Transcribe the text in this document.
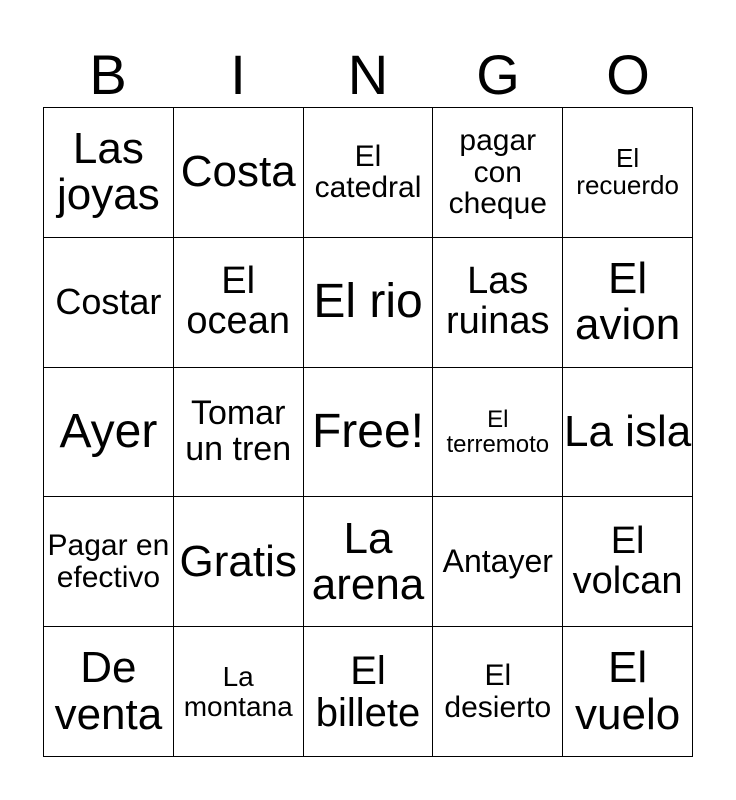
B	I	N	G	O
Las joyas	Costa	El catedral	pagar con cheque	El recuerdo

Costar	El ocean	El rio	Las ruinas	El avion

Ayer	Tomar un tren	Free!	El terremoto	La isla

Pagar en efectivo	Gratis	La arena	Antayer	El volcan

De venta	La montana	El billete	El desierto	El vuelo
